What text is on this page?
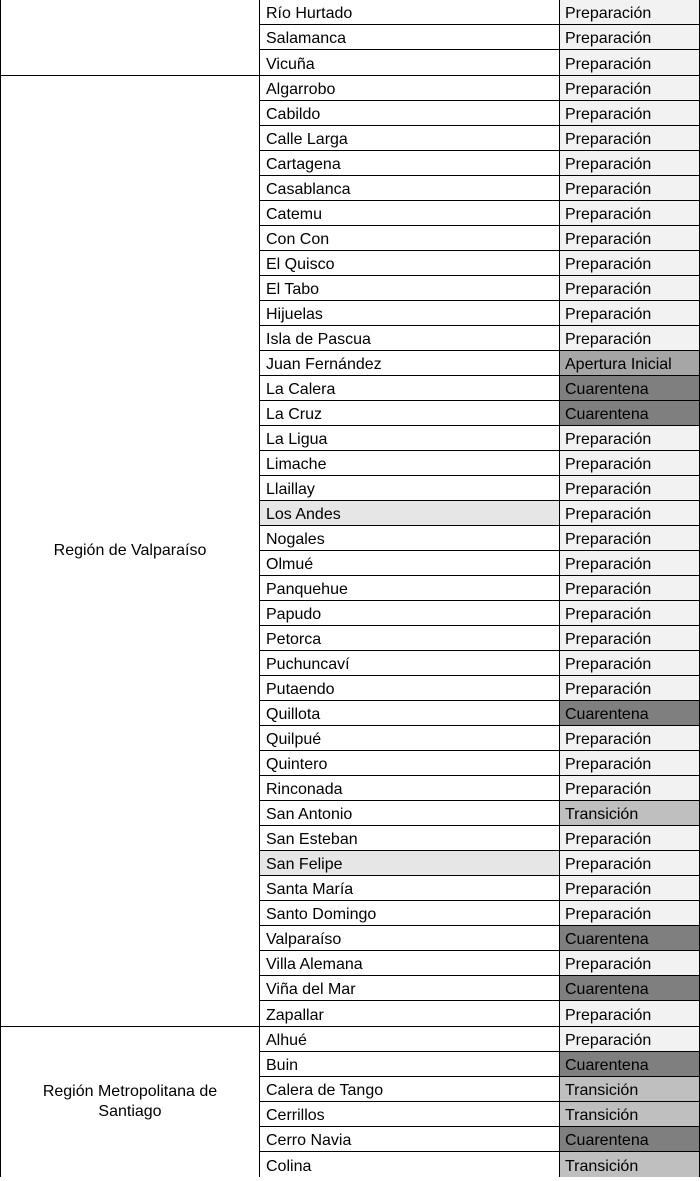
Río Hurtado	Preparación
Salamanca	Preparación
Vicuña	Preparación
Región de Valparaíso
Algarrobo	Preparación
Cabildo	Preparación
Calle Larga	Preparación
Cartagena	Preparación
Casablanca	Preparación
Catemu	Preparación
Con Con	Preparación
El Quisco	Preparación
El Tabo	Preparación
Hijuelas	Preparación
Isla de Pascua	Preparación
Juan Fernández	Apertura Inicial
La Calera	Cuarentena
La Cruz	Cuarentena
La Ligua	Preparación
Limache	Preparación
Llaillay	Preparación
Los Andes	Preparación
Nogales	Preparación
Olmué	Preparación
Panquehue	Preparación
Papudo	Preparación
Petorca	Preparación
Puchuncaví	Preparación
Putaendo	Preparación
Quillota	Cuarentena
Quilpué	Preparación
Quintero	Preparación
Rinconada	Preparación
San Antonio	Transición
San Esteban	Preparación
San Felipe	Preparación
Santa María	Preparación
Santo Domingo	Preparación
Valparaíso	Cuarentena
Villa Alemana	Preparación
Viña del Mar	Cuarentena
Zapallar	Preparación
Región Metropolitana de Santiago
Alhué	Preparación
Buin	Cuarentena
Calera de Tango	Transición
Cerrillos	Transición
Cerro Navia	Cuarentena
Colina	Transición
